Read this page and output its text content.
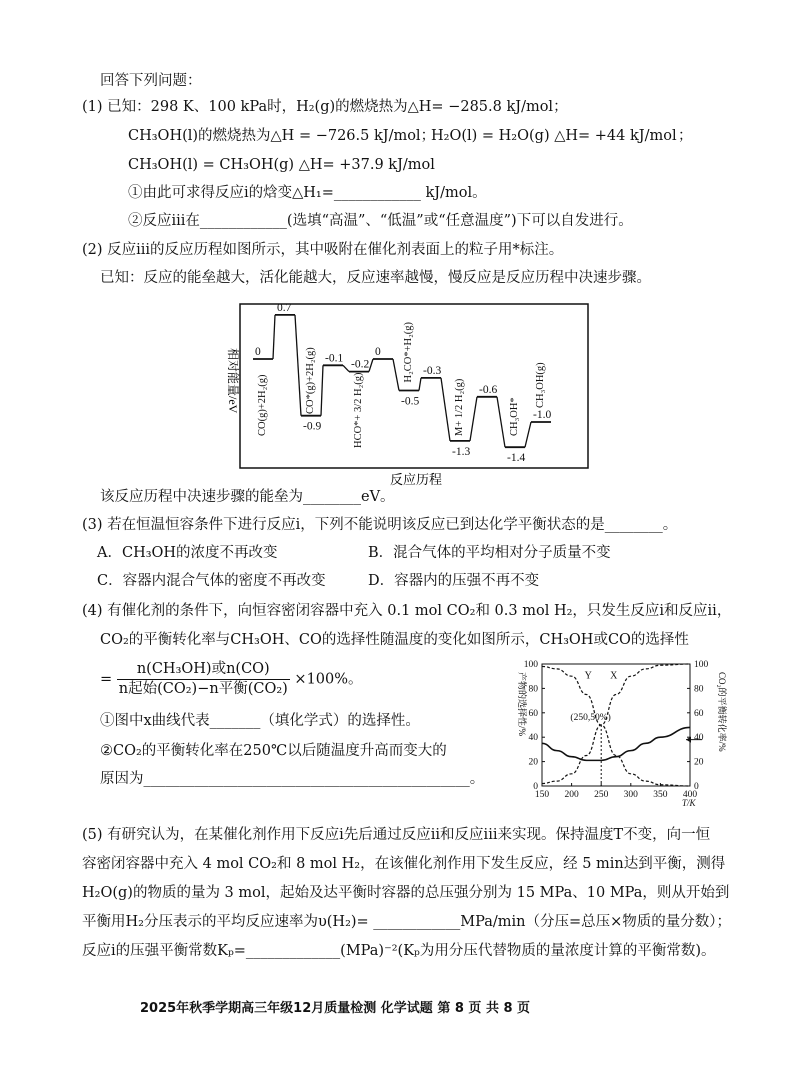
回答下列问题：
(1) 已知：298 K、100 kPa时，H₂(g)的燃烧热为△H= −285.8 kJ/mol；
CH₃OH(l)的燃烧热为△H = −726.5 kJ/mol；
H₂O(l) = H₂O(g) △H= +44 kJ/mol ；
CH₃OH(l) = CH₃OH(g) △H= +37.9 kJ/mol
①由此可求得反应i的焓变△H₁=____________ kJ/mol。
②反应iii在____________(选填“高温”、“低温”或“任意温度”)下可以自发进行。
(2) 反应iii的反应历程如图所示，其中吸附在催化剂表面上的粒子用*标注。
已知：反应的能垒越大，活化能越大，反应速率越慢，慢反应是反应历程中决速步骤。
相对能量/eV
反应历程
0
CO(g)+2H₂(g)
0.7
-0.9
CO*(g)+2H₂(g) -0.1
-0.2
HCO*+ 3/2 H₂(g)
0
-0.5
H₂CO*+H₂(g) -0.3
-1.3
M+ 1/2 H₂(g) -0.6
-1.4
CH₃OH* -1.0
CH₃OH(g)
该反应历程中决速步骤的能垒为________eV。
(3) 若在恒温恒容条件下进行反应i，下列不能说明该反应已到达化学平衡状态的是________。
A．CH₃OH的浓度不再改变	B．混合气体的平均相对分子质量不变
C．容器内混合气体的密度不再改变	D．容器内的压强不再不变
(4) 有催化剂的条件下，向恒容密闭容器中充入 0.1 mol CO₂和 0.3 mol H₂，只发生反应i和反应ii，
CO₂的平衡转化率与CH₃OH、CO的选择性随温度的变化如图所示，CH₃OH或CO的选择性
= $\frac{\text{n(CH₃OH)或n(CO)}}{\text{n起始(CO₂)−n平衡(CO₂)}} \times 100\%$。
①图中x曲线代表_______（填化学式）的选择性。
②CO₂的平衡转化率在250℃以后随温度升高而变大的
原因为_____________________________________________。
产物的选择性/%	CO₂的平衡转化率/%
0	0
20	20
40	40
60	60
80	80
100	100
150 200 250 300 350 400
T/K
Y X
(250,50%)
(5) 有研究认为，在某催化剂作用下反应i先后通过反应ii和反应iii来实现。保持温度T不变，向一恒
容密闭容器中充入 4 mol CO₂和 8 mol H₂，在该催化剂作用下发生反应，经 5 min达到平衡，测得
H₂O(g)的物质的量为 3 mol，起始及达平衡时容器的总压强分别为 15 MPa、10 MPa，则从开始到
平衡用H₂分压表示的平均反应速率为υ(H₂)= ____________MPa/min（分压=总压×物质的量分数）；
反应i的压强平衡常数Kₚ=_____________(MPa)⁻²(Kₚ为用分压代替物质的量浓度计算的平衡常数)。
2025年秋季学期高三年级12月质量检测 化学试题 第 8 页 共 8 页
